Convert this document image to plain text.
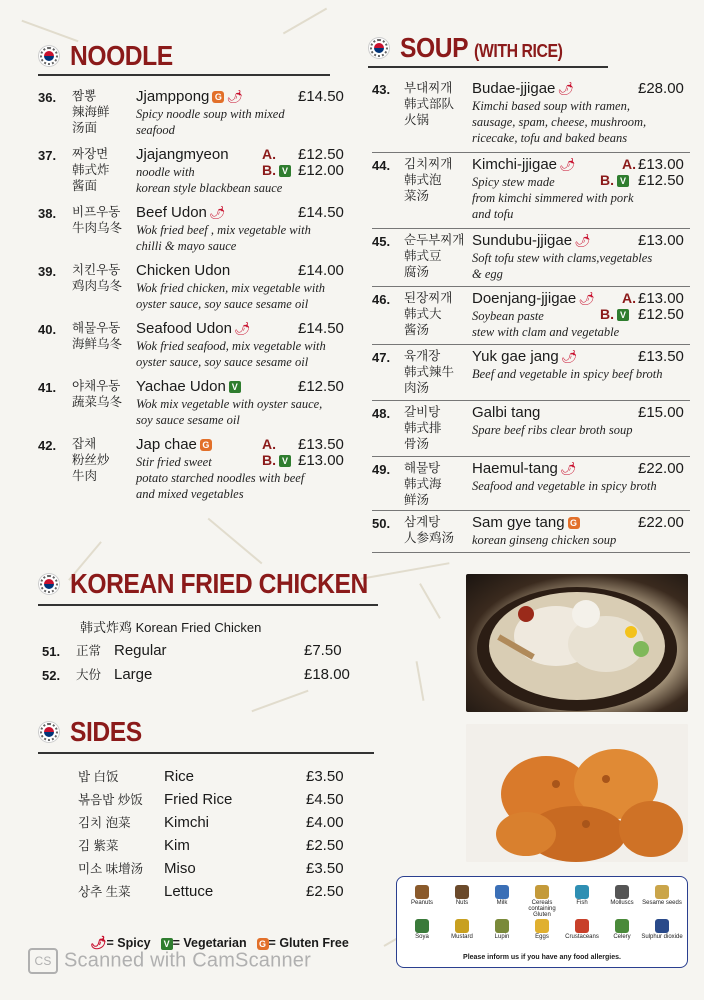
NOODLE
36. 짬뽕
辣海鲜
汤面
Jjamppong G 🌶	£14.50
Spicy noodle soup with mixed
seafood
37. 짜장면
韩式炸
酱面
Jjajangmyeon A. £12.50
B. V £12.00
noodle with
korean style blackbean sauce
38. 비프우동
牛肉乌冬
Beef Udon 🌶	£14.50
Wok fried beef , mix vegetable with
chilli & mayo sauce
39. 치킨우동
鸡肉乌冬
Chicken Udon	£14.00
Wok fried chicken, mix vegetable with
oyster sauce, soy sauce sesame oil
40. 해물우동
海鲜乌冬
Seafood Udon 🌶	£14.50
Wok fried seafood, mix vegetable with
oyster sauce, soy sauce sesame oil
41. 야채우동
蔬菜乌冬
Yachae Udon V	£12.50
Wok mix vegetable with oyster sauce,
soy sauce sesame oil
42. 잡채
粉丝炒
牛肉
Jap chae G	A. £13.50
B. V £13.00
Stir fried sweet
potato starched noodles with beef
and mixed vegetables
SOUP (WITH RICE)
43. 부대찌개
韩式部队
火锅
Budae-jjigae 🌶	£28.00
Kimchi based soup with ramen,
sausage, spam, cheese, mushroom,
ricecake, tofu and baked beans
44. 김치찌개
韩式泡
菜汤
Kimchi-jjigae 🌶	A. £13.00
B. V £12.50
Spicy stew made
from kimchi simmered with pork
and tofu
45. 순두부찌개
韩式豆
腐汤
Sundubu-jjigae 🌶	£13.00
Soft tofu stew with clams,vegetables
& egg
46. 된장찌개
韩式大
酱汤
Doenjang-jjigae 🌶 A. £13.00
B. V £12.50
Soybean paste
stew with clam and vegetable
47. 육개장
韩式辣牛
肉汤
Yuk gae jang 🌶	£13.50
Beef and vegetable in spicy beef broth
48. 갈비탕
韩式排
骨汤
Galbi tang	£15.00
Spare beef ribs clear broth soup
49. 해물탕
韩式海
鲜汤
Haemul-tang 🌶	£22.00
Seafood and vegetable in spicy broth
50. 삼계탕
人参鸡汤
Sam gye tang G	£22.00
korean ginseng chicken soup
KOREAN FRIED CHICKEN
韩式炸鸡 Korean Fried Chicken
51. 正常 Regular	£7.50
52. 大份 Large	£18.00
SIDES
밥 白饭	Rice	£3.50
볶음밥 炒饭 Fried Rice	£4.50
김치 泡菜 Kimchi	£4.00
김 紫菜	Kim	£2.50
미소 味增汤 Miso	£3.50
상추 生菜 Lettuce	£2.50
Peanuts	Nuts	Milk	Cereals containing Gluten
Fish	Molluscs	Sesame seeds
Soya	Mustard	Lupin	Eggs	Crustaceans	Celery	Sulphur dioxide
Please inform us if you have any food allergies.
🌶= Spicy V = Vegetarian G = Gluten Free
CS Scanned with CamScanner
